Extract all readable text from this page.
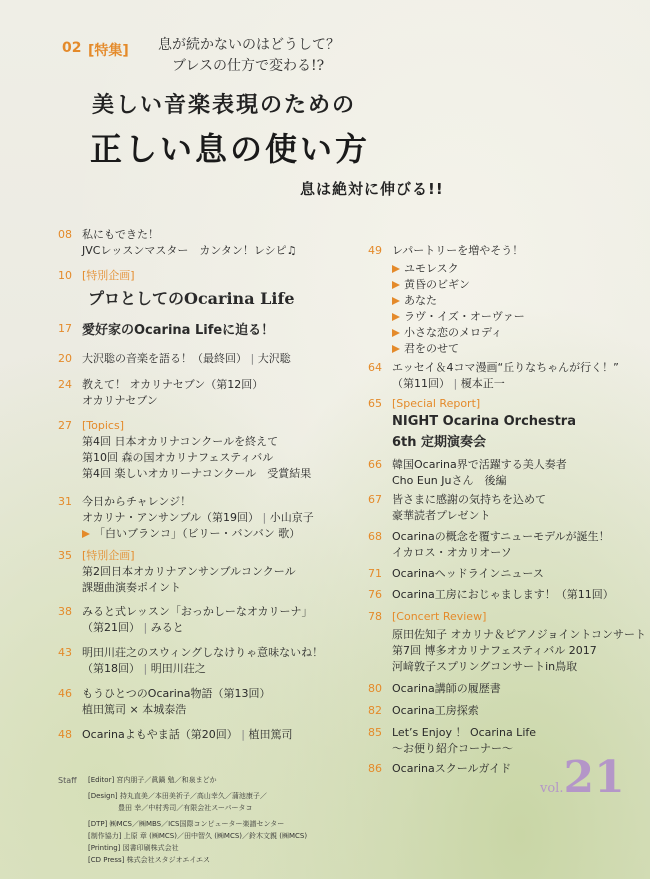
02 [特集] 息が続かないのはどうして？
ブレスの仕方で変わる!?
美しい音楽表現のための
正しい息の使い方
息は絶対に伸びる!!
08 私にもできた！
JVCレッスンマスター　カンタン！レシピ♫
10 [特別企画]
プロとしてのOcarina Life
17 愛好家のOcarina Lifeに迫る！
20 大沢聡の音楽を語る！（最終回） | 大沢聡
24 教えて！ オカリナセブン（第12回）
オカリナセブン
27 [Topics]
第4回 日本オカリナコンクールを終えて
第10回 森の国オカリナフェスティバル
第4回 楽しいオカリーナコンクール　受賞結果
31 今日からチャレンジ！
オカリナ・アンサンブル（第19回） | 小山京子
「白いブランコ」（ビリー・バンバン 歌）
35 [特別企画]
第2回日本オカリナアンサンブルコンクール
課題曲演奏ポイント
38 みると式レッスン「おっかしーなオカリーナ」
（第21回） | みると
43 明田川荘之のスウィングしなけりゃ意味ないね！
（第18回） | 明田川荘之
46 もうひとつのOcarina物語（第13回）
植田篤司 × 本城泰浩
48 Ocarinaよもやま話（第20回） | 植田篤司
49 レパートリーを増やそう！
ユモレスク
黄昏のビギン
あなた
ラヴ・イズ・オーヴァー
小さな恋のメロディ
君をのせて
64 エッセイ＆4コマ漫画“丘りなちゃんが行く！”
（第11回） | 榎本正一
65 [Special Report]
NIGHT Ocarina Orchestra
6th 定期演奏会
66 韓国Ocarina界で活躍する美人奏者
Cho Eun Juさん　後編
67 皆さまに感謝の気持ちを込めて
豪華読者プレゼント
68 Ocarinaの概念を覆すニューモデルが誕生！
イカロス・オカリオーソ
71 Ocarinaヘッドラインニュース
76 Ocarina工房におじゃまします！（第11回）
78 [Concert Review]
原田佐知子 オカリナ＆ピアノジョイントコンサート
第7回 博多オカリナフェスティバル 2017
河﨑敦子スプリングコンサートin鳥取
80 Ocarina講師の履歴書
82 Ocarina工房探索
85 Let’s Enjoy ！ Ocarina Life
～お便り紹介コーナー～
86 Ocarinaスクールガイド
vol.21
Staff [Editor] 宮内朋子／眞鍋 勉／和泉まどか
[Design] 持丸直美／本田美祈子／高山幸久／蒲池康子／
豊田 幸／中村秀司／有限会社スーパータコ
[DTP] ㈱MCS／㈱MBS／ICS国際コンピューター楽譜センター
[制作協力] 上原 章 (㈱MCS)／田中智久 (㈱MCS)／鈴木文親 (㈱MCS)
[Printing] 図書印刷株式会社
[CD Press] 株式会社スタジオエイエス
